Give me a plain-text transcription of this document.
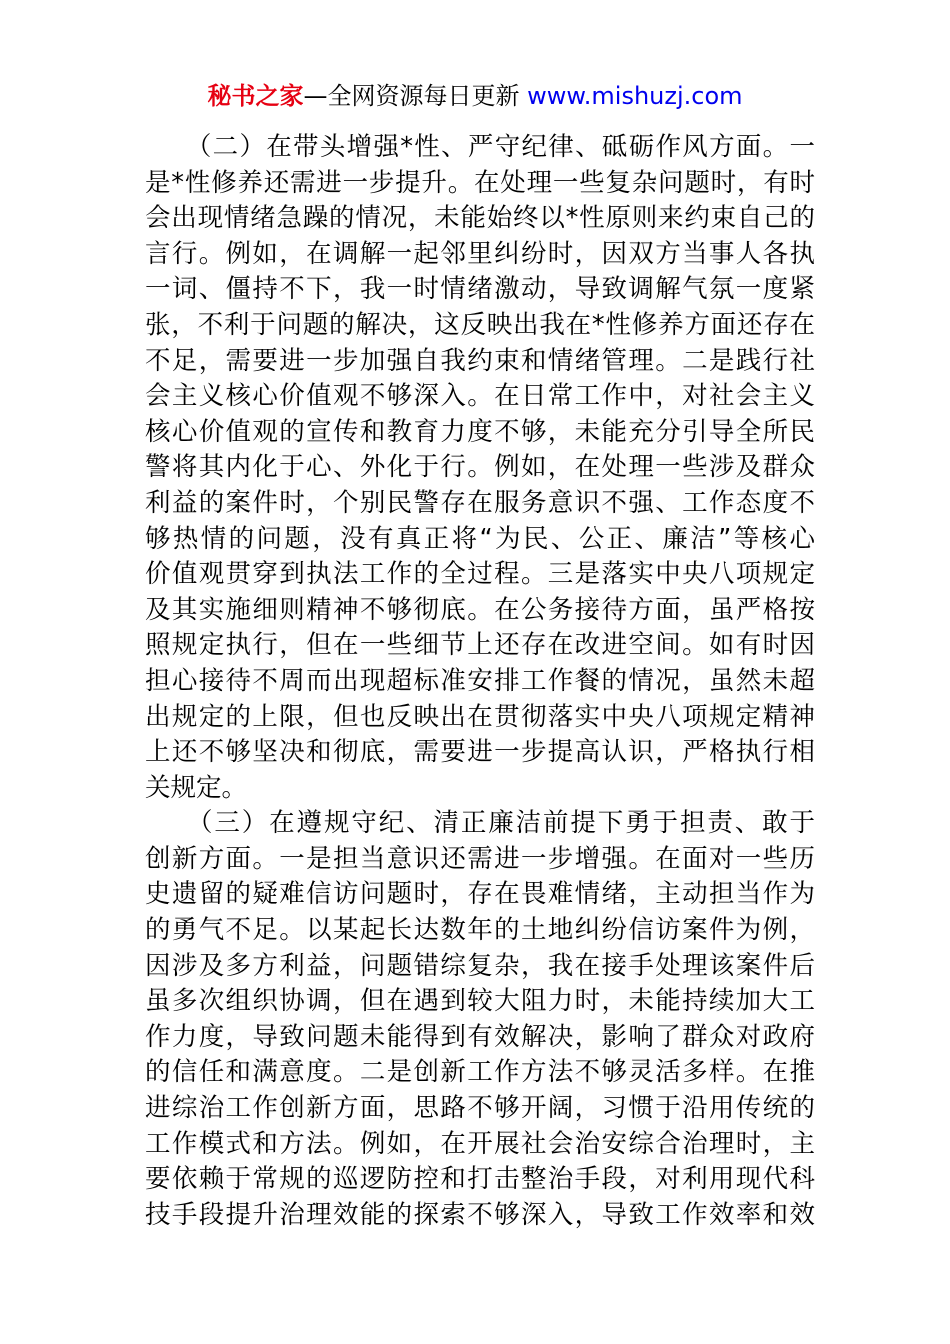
秘书之家—全网资源每日更新 www.mishuzj.com
　　（二）在带头增强*性、严守纪律、砥砺作风方面。一
是*性修养还需进一步提升。在处理一些复杂问题时，有时
会出现情绪急躁的情况，未能始终以*性原则来约束自己的
言行。例如，在调解一起邻里纠纷时，因双方当事人各执
一词、僵持不下，我一时情绪激动，导致调解气氛一度紧
张，不利于问题的解决，这反映出我在*性修养方面还存在
不足，需要进一步加强自我约束和情绪管理。二是践行社
会主义核心价值观不够深入。在日常工作中，对社会主义
核心价值观的宣传和教育力度不够，未能充分引导全所民
警将其内化于心、外化于行。例如，在处理一些涉及群众
利益的案件时，个别民警存在服务意识不强、工作态度不
够热情的问题，没有真正将“为民、公正、廉洁”等核心
价值观贯穿到执法工作的全过程。三是落实中央八项规定
及其实施细则精神不够彻底。在公务接待方面，虽严格按
照规定执行，但在一些细节上还存在改进空间。如有时因
担心接待不周而出现超标准安排工作餐的情况，虽然未超
出规定的上限，但也反映出在贯彻落实中央八项规定精神
上还不够坚决和彻底，需要进一步提高认识，严格执行相
关规定。
　　（三）在遵规守纪、清正廉洁前提下勇于担责、敢于
创新方面。一是担当意识还需进一步增强。在面对一些历
史遗留的疑难信访问题时，存在畏难情绪，主动担当作为
的勇气不足。以某起长达数年的土地纠纷信访案件为例，
因涉及多方利益，问题错综复杂，我在接手处理该案件后
虽多次组织协调，但在遇到较大阻力时，未能持续加大工
作力度，导致问题未能得到有效解决，影响了群众对政府
的信任和满意度。二是创新工作方法不够灵活多样。在推
进综治工作创新方面，思路不够开阔，习惯于沿用传统的
工作模式和方法。例如，在开展社会治安综合治理时，主
要依赖于常规的巡逻防控和打击整治手段，对利用现代科
技手段提升治理效能的探索不够深入，导致工作效率和效
